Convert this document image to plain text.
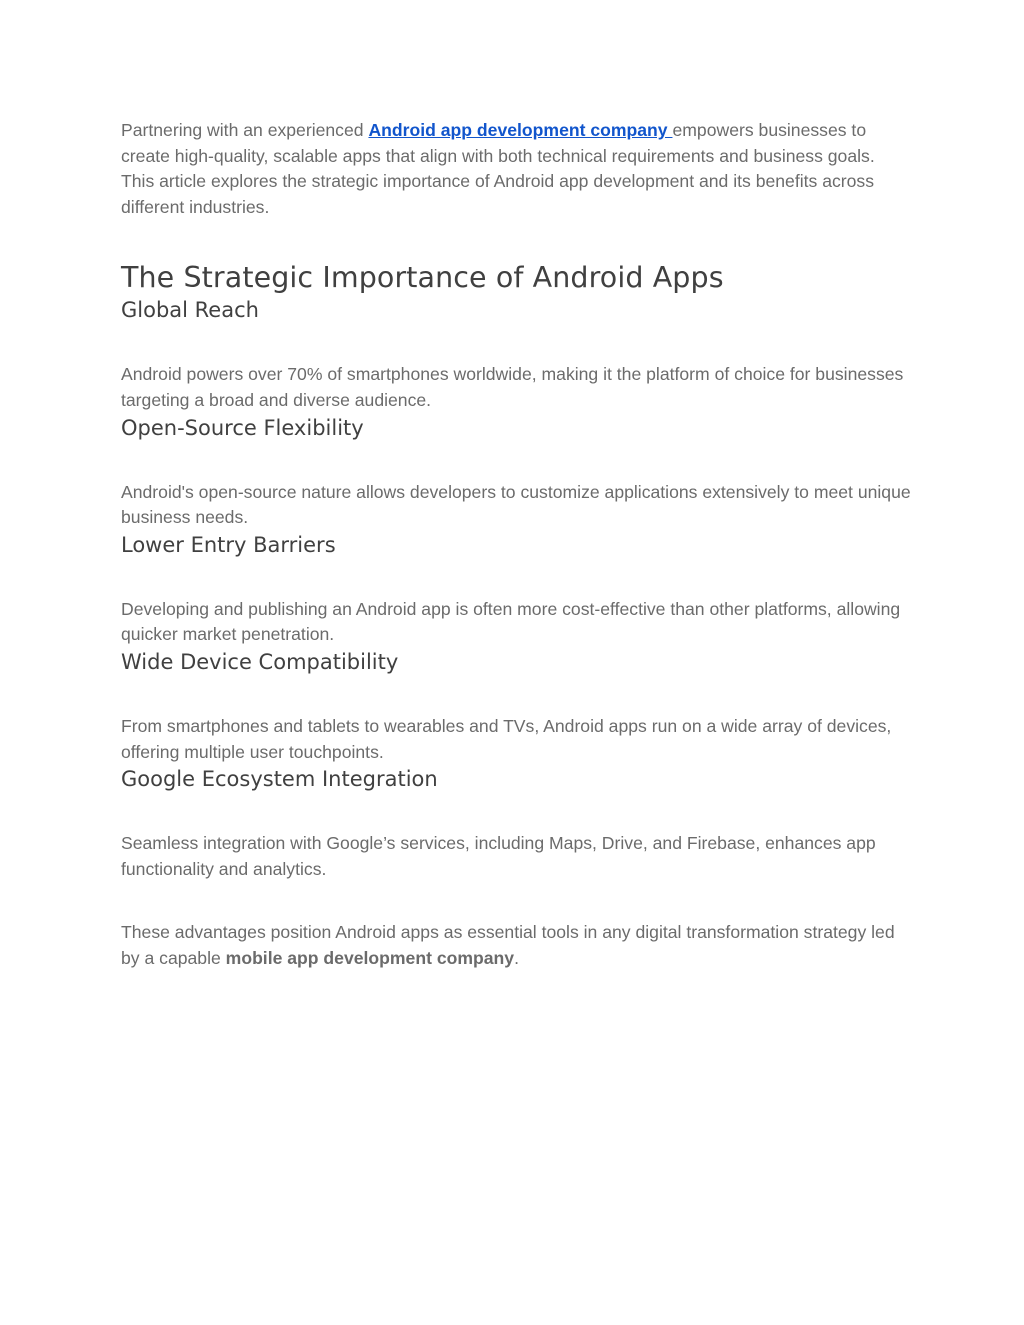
Partnering with an experienced Android app development company empowers businesses to create high-quality, scalable apps that align with both technical requirements and business goals. This article explores the strategic importance of Android app development and its benefits across different industries.

The Strategic Importance of Android Apps
Global Reach

Android powers over 70% of smartphones worldwide, making it the platform of choice for businesses targeting a broad and diverse audience.

Open-Source Flexibility

Android's open-source nature allows developers to customize applications extensively to meet unique business needs.

Lower Entry Barriers

Developing and publishing an Android app is often more cost-effective than other platforms, allowing quicker market penetration.

Wide Device Compatibility

From smartphones and tablets to wearables and TVs, Android apps run on a wide array of devices, offering multiple user touchpoints.

Google Ecosystem Integration

Seamless integration with Google’s services, including Maps, Drive, and Firebase, enhances app functionality and analytics.

These advantages position Android apps as essential tools in any digital transformation strategy led by a capable mobile app development company.
